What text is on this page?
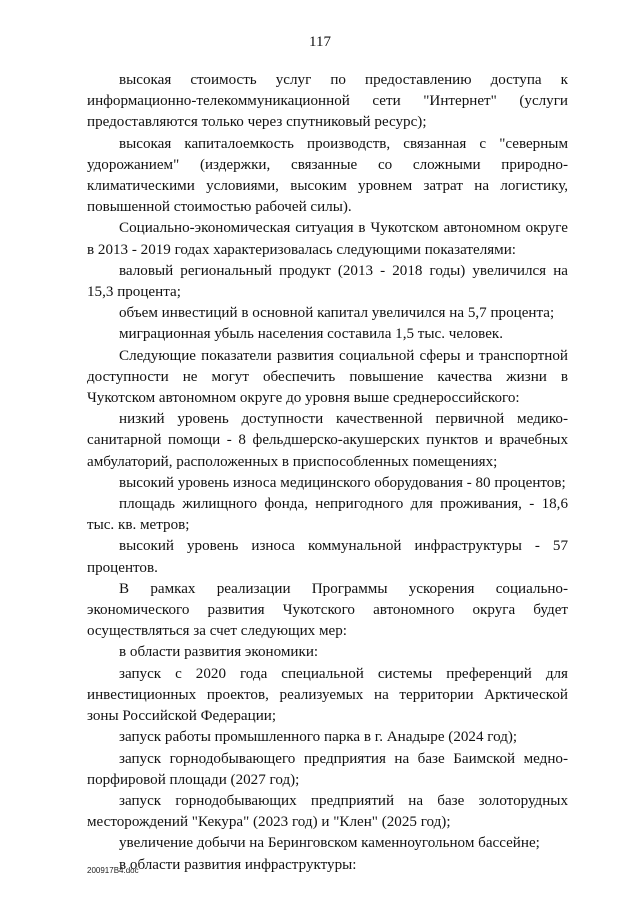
117

высокая стоимость услуг по предоставлению доступа к информационно-телекоммуникационной сети "Интернет" (услуги предоставляются только через спутниковый ресурс);

высокая капиталоемкость производств, связанная с "северным удорожанием" (издержки, связанные со сложными природно-климатическими условиями, высоким уровнем затрат на логистику, повышенной стоимостью рабочей силы).

Социально-экономическая ситуация в Чукотском автономном округе в 2013 - 2019 годах характеризовалась следующими показателями:

валовый региональный продукт (2013 - 2018 годы) увеличился на 15,3 процента;

объем инвестиций в основной капитал увеличился на 5,7 процента;

миграционная убыль населения составила 1,5 тыс. человек.

Следующие показатели развития социальной сферы и транспортной доступности не могут обеспечить повышение качества жизни в Чукотском автономном округе до уровня выше среднероссийского:

низкий уровень доступности качественной первичной медико-санитарной помощи - 8 фельдшерско-акушерских пунктов и врачебных амбулаторий, расположенных в приспособленных помещениях;

высокий уровень износа медицинского оборудования - 80 процентов;

площадь жилищного фонда, непригодного для проживания, - 18,6 тыс. кв. метров;

высокий уровень износа коммунальной инфраструктуры - 57 процентов.

В рамках реализации Программы ускорения социально-экономического развития Чукотского автономного округа будет осуществляться за счет следующих мер:

в области развития экономики:

запуск с 2020 года специальной системы преференций для инвестиционных проектов, реализуемых на территории Арктической зоны Российской Федерации;

запуск работы промышленного парка в г. Анадыре (2024 год);

запуск горнодобывающего предприятия на базе Баимской медно-порфировой площади (2027 год);

запуск горнодобывающих предприятий на базе золоторудных месторождений "Кекура" (2023 год) и "Клен" (2025 год);

увеличение добычи на Беринговском каменноугольном бассейне;

в области развития инфраструктуры:

200917В4.doc
